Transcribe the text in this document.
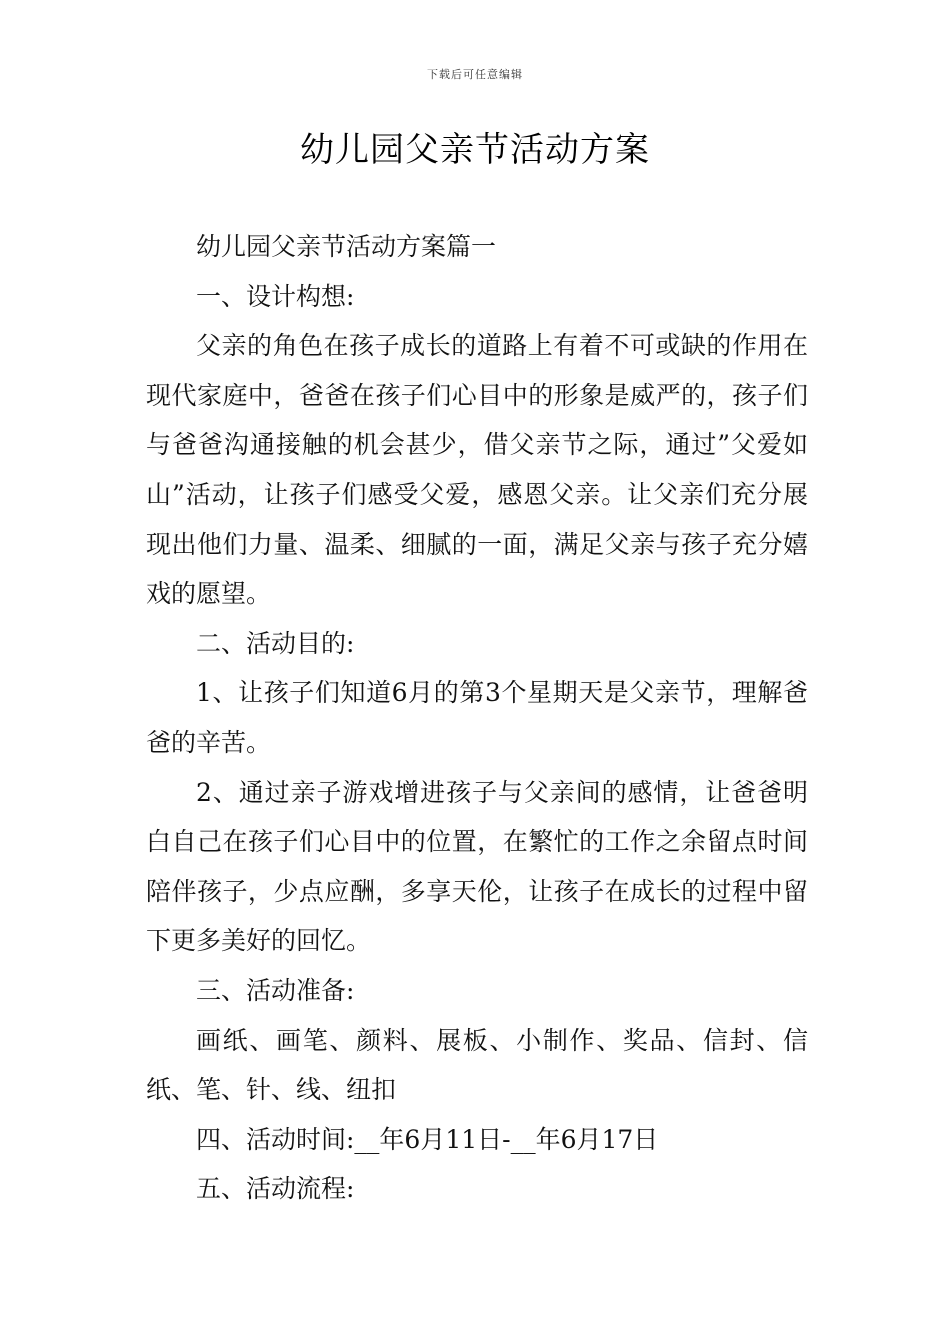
下载后可任意编辑
幼儿园父亲节活动方案

幼儿园父亲节活动方案篇一

一、设计构想:

父亲的角色在孩子成长的道路上有着不可或缺的作用在现代家庭中，爸爸在孩子们心目中的形象是威严的，孩子们与爸爸沟通接触的机会甚少，借父亲节之际，通过”父爱如山”活动，让孩子们感受父爱，感恩父亲。让父亲们充分展现出他们力量、温柔、细腻的一面，满足父亲与孩子充分嬉戏的愿望。

二、活动目的:

1、让孩子们知道6月的第3个星期天是父亲节，理解爸爸的辛苦。

2、通过亲子游戏增进孩子与父亲间的感情，让爸爸明白自己在孩子们心目中的位置，在繁忙的工作之余留点时间陪伴孩子，少点应酬，多享天伦，让孩子在成长的过程中留下更多美好的回忆。

三、活动准备:

画纸、画笔、颜料、展板、小制作、奖品、信封、信纸、笔、针、线、纽扣

四、活动时间:__年6月11日-__年6月17日

五、活动流程:
